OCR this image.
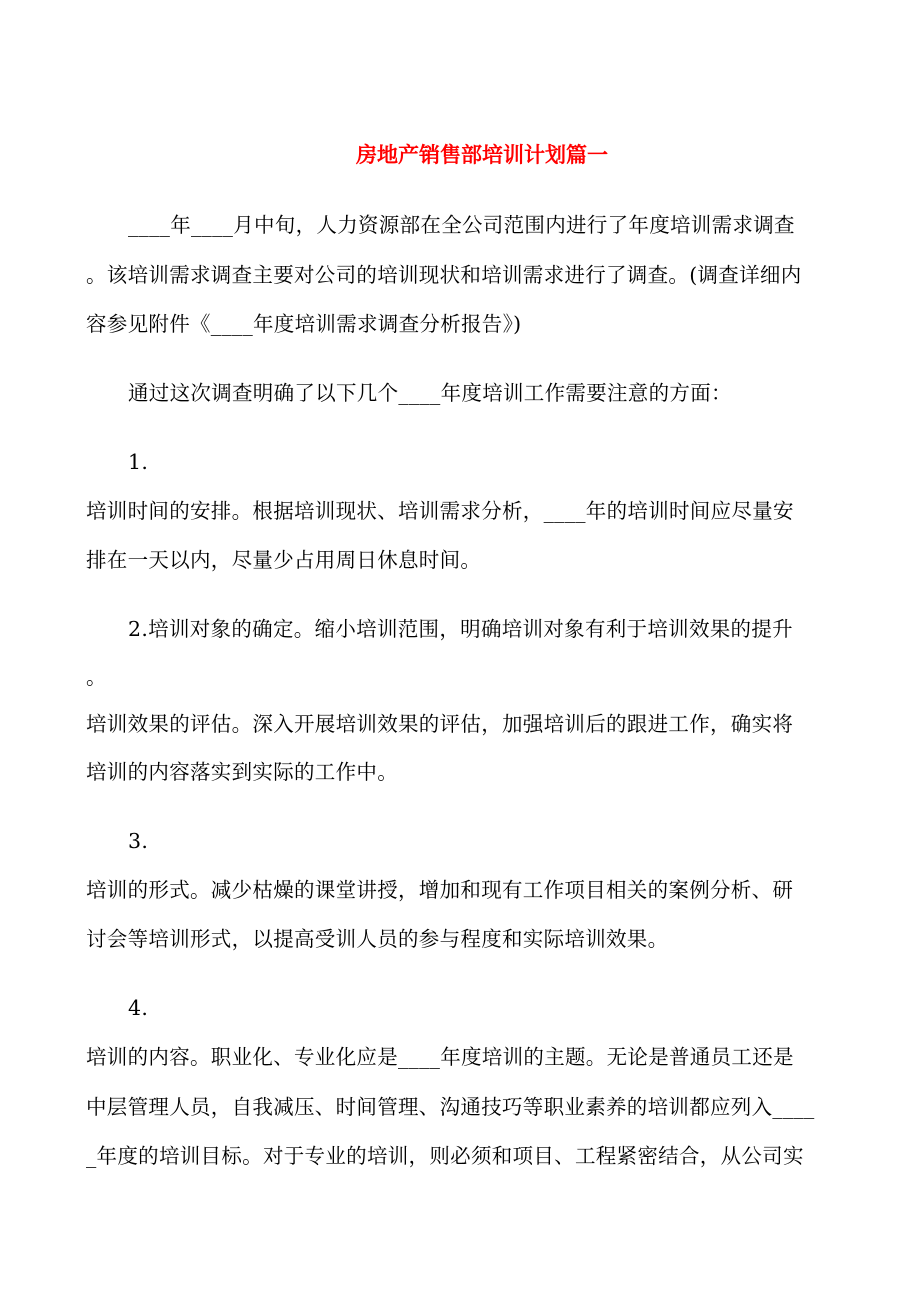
房地产销售部培训计划篇一
____年____月中旬，人力资源部在全公司范围内进行了年度培训需求调查
。该培训需求调查主要对公司的培训现状和培训需求进行了调查。(调查详细内
容参见附件《____年度培训需求调查分析报告》)
通过这次调查明确了以下几个____年度培训工作需要注意的方面：
1.
培训时间的安排。根据培训现状、培训需求分析，____年的培训时间应尽量安
排在一天以内，尽量少占用周日休息时间。
2.培训对象的确定。缩小培训范围，明确培训对象有利于培训效果的提升
。
培训效果的评估。深入开展培训效果的评估，加强培训后的跟进工作，确实将
培训的内容落实到实际的工作中。
3.
培训的形式。减少枯燥的课堂讲授，增加和现有工作项目相关的案例分析、研
讨会等培训形式，以提高受训人员的参与程度和实际培训效果。
4.
培训的内容。职业化、专业化应是____年度培训的主题。无论是普通员工还是
中层管理人员，自我减压、时间管理、沟通技巧等职业素养的培训都应列入____
_年度的培训目标。对于专业的培训，则必须和项目、工程紧密结合，从公司实
